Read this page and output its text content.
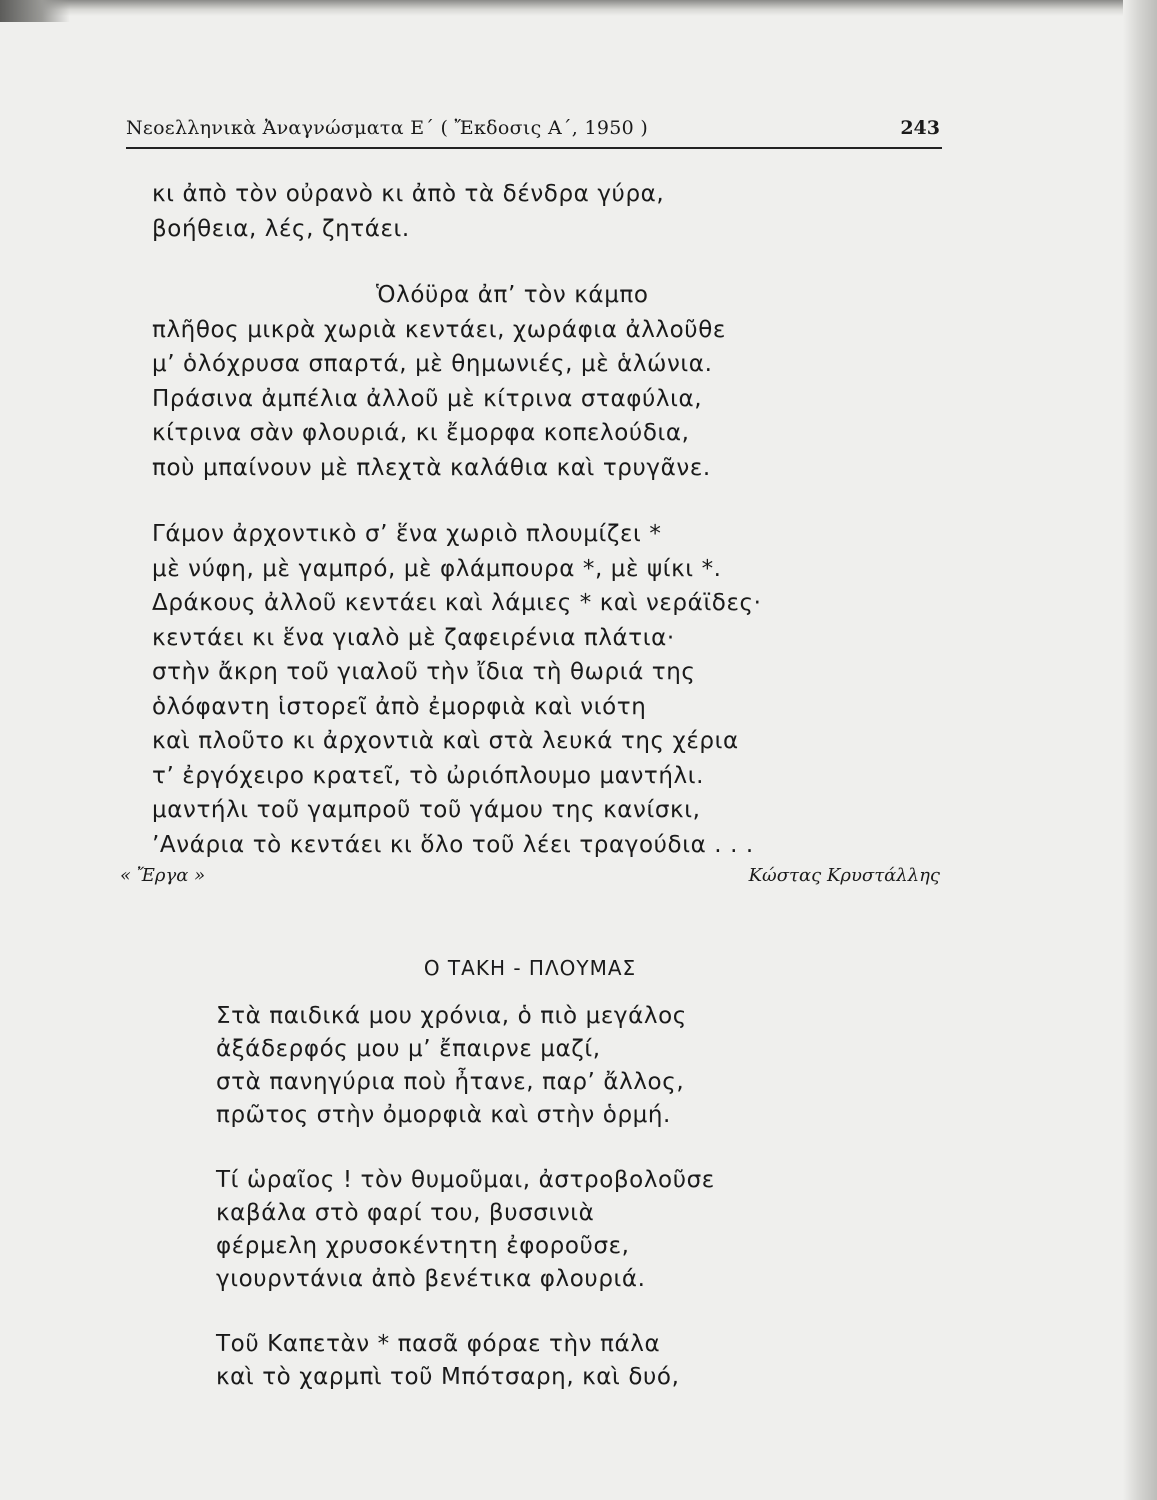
Νεοελληνικὰ Ἀναγνώσματα Ε΄ ( Ἔκδοσις Α΄, 1950 )	243
κι ἀπὸ τὸν οὐρανὸ κι ἀπὸ τὰ δένδρα γύρα,
βοήθεια, λές, ζητάει.
Ὁλόϋρα ἀπ’ τὸν κάμπο
πλῆθος μικρὰ χωριὰ κεντάει, χωράφια ἀλλοῦθε
μ’ ὁλόχρυσα σπαρτά, μὲ θημωνιές, μὲ ἁλώνια.
Πράσινα ἀμπέλια ἀλλοῦ μὲ κίτρινα σταφύλια,
κίτρινα σὰν φλουριά, κι ἔμορφα κοπελούδια,
ποὺ μπαίνουν μὲ πλεχτὰ καλάθια καὶ τρυγᾶνε.
Γάμον ἀρχοντικὸ σ’ ἕνα χωριὸ πλουμίζει *
μὲ νύφη, μὲ γαμπρό, μὲ φλάμπουρα *, μὲ ψίκι *.
Δράκους ἀλλοῦ κεντάει καὶ λάμιες * καὶ νεράϊδες·
κεντάει κι ἕνα γιαλὸ μὲ ζαφειρένια πλάτια·
στὴν ἄκρη τοῦ γιαλοῦ τὴν ἴδια τὴ θωριά της
ὁλόφαντη ἱστορεῖ ἀπὸ ἐμορφιὰ καὶ νιότη
καὶ πλοῦτο κι ἀρχοντιὰ καὶ στὰ λευκά της χέρια
τ’ ἐργόχειρο κρατεῖ, τὸ ὠριόπλουμο μαντήλι.
μαντήλι τοῦ γαμπροῦ τοῦ γάμου της κανίσκι,
’Ανάρια τὸ κεντάει κι ὅλο τοῦ λέει τραγούδια . . .
« Ἔργα »	Κώστας Κρυστάλλης
Ο ΤΑΚΗ - ΠΛΟΥΜΑΣ
Στὰ παιδικά μου χρόνια, ὁ πιὸ μεγάλος
ἀξάδερφός μου μ’ ἔπαιρνε μαζί,
στὰ πανηγύρια ποὺ ἦτανε, παρ’ ἄλλος,
πρῶτος στὴν ὀμορφιὰ καὶ στὴν ὁρμή.
Τί ὡραῖος ! τὸν θυμοῦμαι, ἀστροβολοῦσε
καβάλα στὸ φαρί του, βυσσινιὰ
φέρμελη χρυσοκέντητη ἐφοροῦσε,
γιουρντάνια ἀπὸ βενέτικα φλουριά.
Τοῦ Καπετὰν * πασᾶ φόραε τὴν πάλα
καὶ τὸ χαρμπὶ τοῦ Μπότσαρη, καὶ δυό,
